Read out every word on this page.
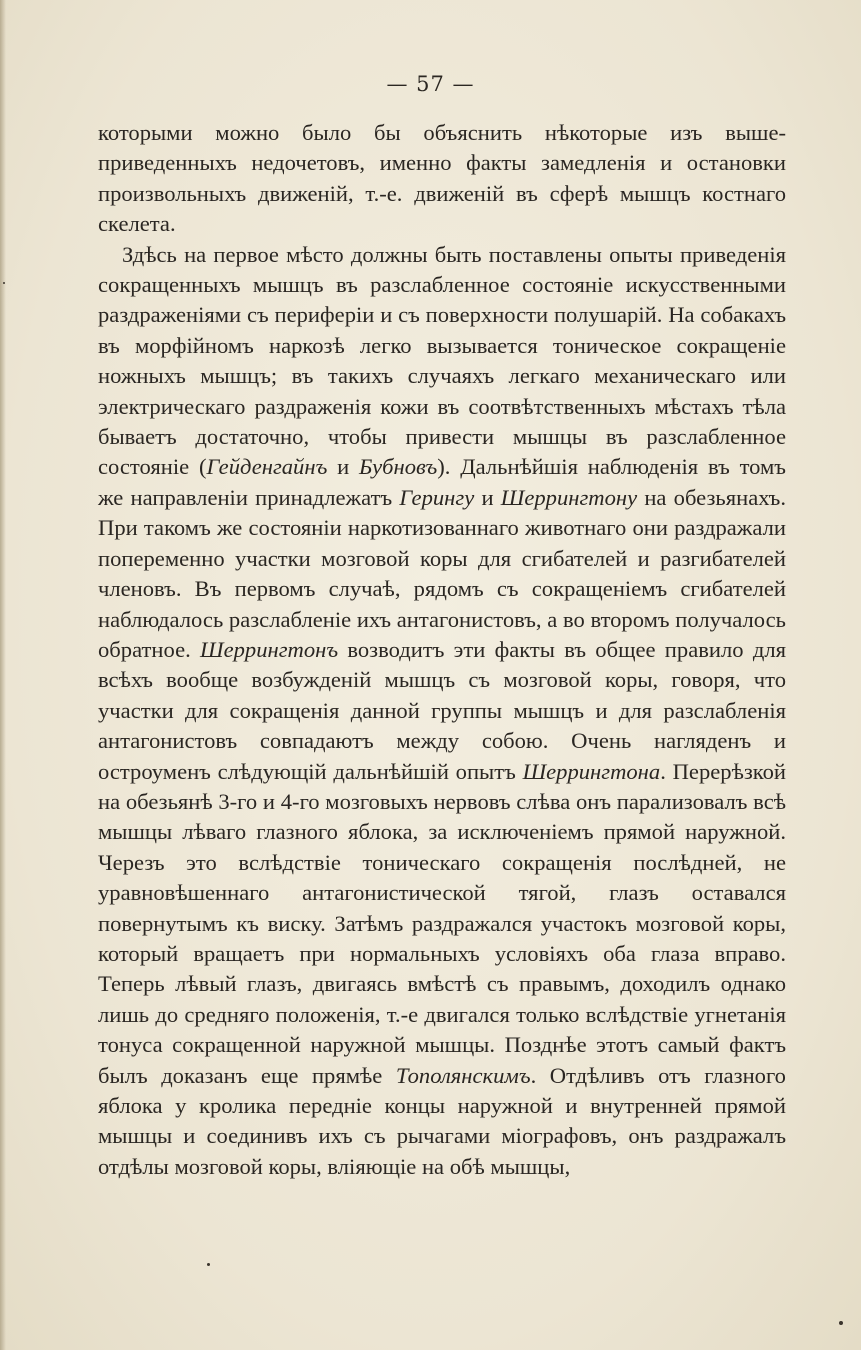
— 57 —

которыми можно было бы объяснить нѣкоторые изъ выше-приведенныхъ недочетовъ, именно факты замедленія и остановки произвольныхъ движеній, т.-е. движеній въ сферѣ мышцъ костнаго скелета.

Здѣсь на первое мѣсто должны быть поставлены опыты приведенія сокращенныхъ мышцъ въ разслабленное состояніе искусственными раздраженіями съ периферіи и съ поверхности полушарій. На собакахъ въ морфійномъ наркозѣ легко вызывается тоническое сокращеніе ножныхъ мышцъ; въ такихъ случаяхъ легкаго механическаго или электрическаго раздраженія кожи въ соотвѣтственныхъ мѣстахъ тѣла бываетъ достаточно, чтобы привести мышцы въ разслабленное состояніе (Гейденгайнъ и Бубновъ). Дальнѣйшія наблюденія въ томъ же направленіи принадлежатъ Герингу и Шеррингтону на обезьянахъ. При такомъ же состояніи наркотизованнаго животнаго они раздражали попеременно участки мозговой коры для сгибателей и разгибателей членовъ. Въ первомъ случаѣ, рядомъ съ сокращеніемъ сгибателей наблюдалось разслабленіе ихъ антагонистовъ, а во второмъ получалось обратное. Шеррингтонъ возводитъ эти факты въ общее правило для всѣхъ вообще возбужденій мышцъ съ мозговой коры, говоря, что участки для сокращенія данной группы мышцъ и для разслабленія антагонистовъ совпадаютъ между собою. Очень нагляденъ и остроуменъ слѣдующій дальнѣйшій опытъ Шеррингтона. Перерѣзкой на обезьянѣ 3-го и 4-го мозговыхъ нервовъ слѣва онъ парализовалъ всѣ мышцы лѣваго глазного яблока, за исключеніемъ прямой наружной. Черезъ это вслѣдствіе тоническаго сокращенія послѣдней, не уравновѣшеннаго антагонистической тягой, глазъ оставался повернутымъ къ виску. Затѣмъ раздражался участокъ мозговой коры, который вращаетъ при нормальныхъ условіяхъ оба глаза вправо. Теперь лѣвый глазъ, двигаясь вмѣстѣ съ правымъ, доходилъ однако лишь до средняго положенія, т.-е двигался только вслѣдствіе угнетанія тонуса сокращенной наружной мышцы. Позднѣе этотъ самый фактъ былъ доказанъ еще прямѣе Тополянскимъ. Отдѣливъ отъ глазного яблока у кролика передніе концы наружной и внутренней прямой мышцы и соединивъ ихъ съ рычагами міографовъ, онъ раздражалъ отдѣлы мозговой коры, вліяющіе на обѣ мышцы,
